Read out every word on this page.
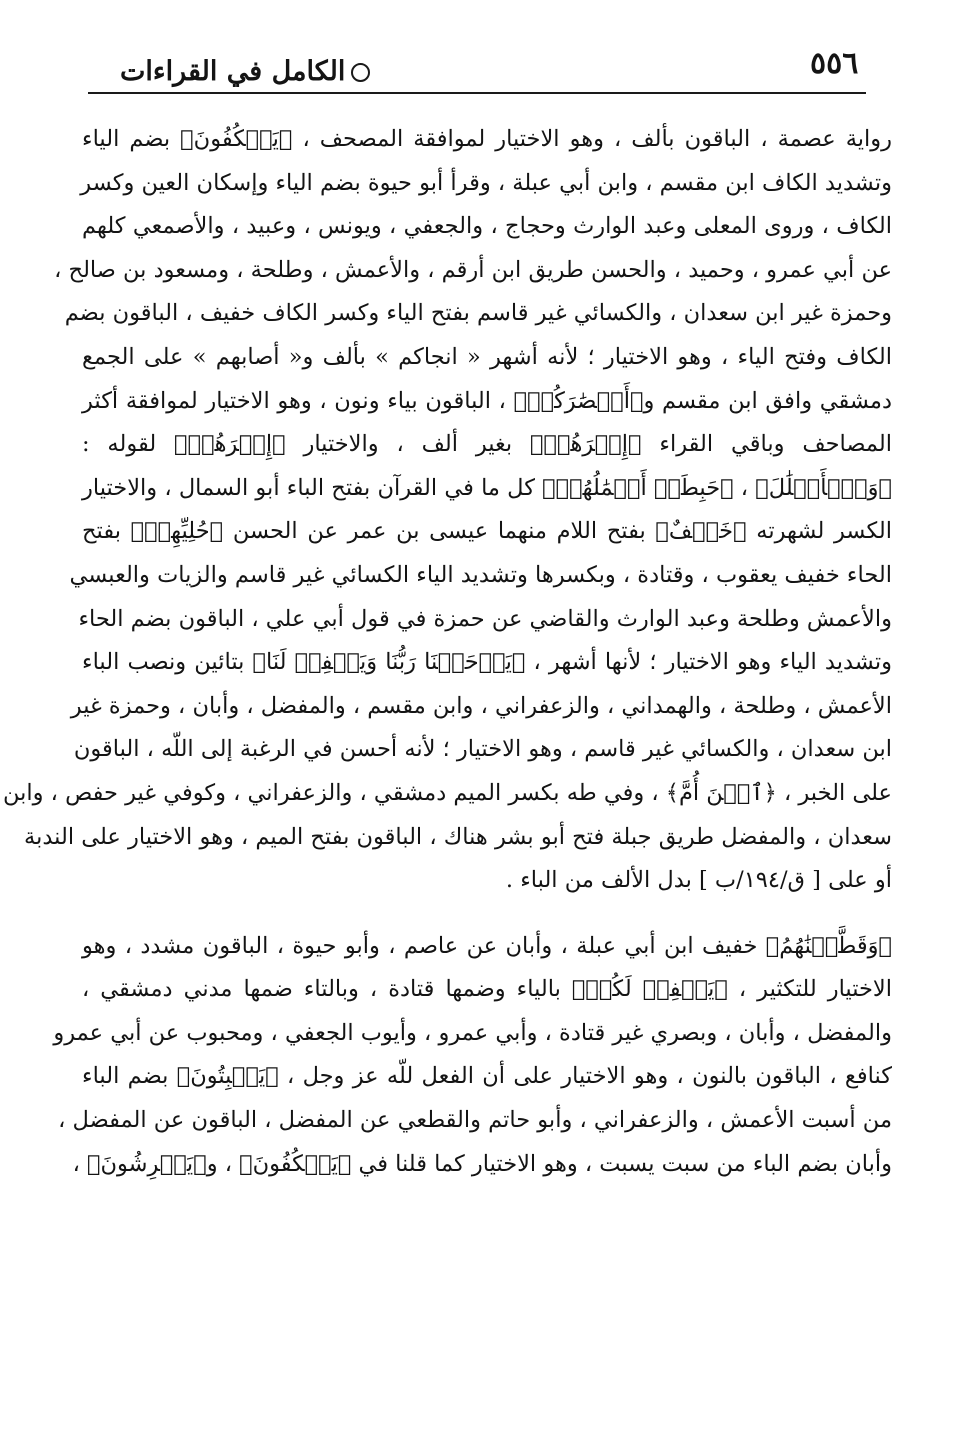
٥٥٦
الكامل في القراءات
رواية عصمة ، الباقون بألف ، وهو الاختيار لموافقة المصحف ، ﴿يَعۡكُفُونَ﴾ بضم الياء
وتشديد الكاف ابن مقسم ، وابن أبي عبلة ، وقرأ أبو حيوة بضم الياء وإسكان العين وكسر
الكاف ، وروى المعلى وعبد الوارث وحجاج ، والجعفي ، ويونس ، وعبيد ، والأصمعي كلهم
عن أبي عمرو ، وحميد ، والحسن طريق ابن أرقم ، والأعمش ، وطلحة ، ومسعود بن صالح ،
وحمزة غير ابن سعدان ، والكسائي غير قاسم بفتح الياء وكسر الكاف خفيف ، الباقون بضم
الكاف وفتح الياء ، وهو الاختيار ؛ لأنه أشهر « انجاكم » بألف و« أصابهم » على الجمع
دمشقي وافق ابن مقسم و﴿أَبۡصَٰرَكُمۡ﴾ ، الباقون بياء ونون ، وهو الاختيار لموافقة أكثر
المصاحف وباقي القراء ﴿إِصۡرَهُمۡ﴾ بغير ألف ، والاختيار ﴿إِصۡرَهُمۡ﴾ لقوله :
﴿وَٱلۡأَغۡلَٰلَ﴾ ، ﴿حَبِطَتۡ أَعۡمَٰلُهُمۡ﴾ كل ما في القرآن بفتح الباء أبو السمال ، والاختيار
الكسر لشهرته ﴿خَلۡفٌ﴾ بفتح اللام منهما عيسى بن عمر عن الحسن ﴿حُلِيِّهِمۡ﴾ بفتح
الحاء خفيف يعقوب ، وقتادة ، وبكسرها وتشديد الياء الكسائي غير قاسم والزيات والعبسي
والأعمش وطلحة وعبد الوارث والقاضي عن حمزة في قول أبي علي ، الباقون بضم الحاء
وتشديد الياء وهو الاختيار ؛ لأنها أشهر ، ﴿يَرۡحَمۡنَا رَبُّنَا وَيَغۡفِرۡ لَنَا﴾ بتائين ونصب الباء
الأعمش ، وطلحة ، والهمداني ، والزعفراني ، وابن مقسم ، والمفضل ، وأبان ، وحمزة غير
ابن سعدان ، والكسائي غير قاسم ، وهو الاختيار ؛ لأنه أحسن في الرغبة إلى اللّه ، الباقون
على الخبر ، ﴿ٱبۡنَ أُمَّ﴾ ، وفي طه بكسر الميم دمشقي ، والزعفراني ، وكوفي غير حفص ، وابن
سعدان ، والمفضل طريق جبلة فتح أبو بشر هناك ، الباقون بفتح الميم ، وهو الاختيار على الندبة
أو على [ ق/١٩٤/ب ] بدل الألف من الباء .
﴿وَقَطَّعۡنَٰهُمُ﴾ خفيف ابن أبي عبلة ، وأبان عن عاصم ، وأبو حيوة ، الباقون مشدد ، وهو
الاختيار للتكثير ، ﴿يَغۡفِرۡ لَكُمۡ﴾ بالياء وضمها قتادة ، وبالتاء ضمها مدني دمشقي ،
والمفضل ، وأبان ، وبصري غير قتادة ، وأبي عمرو ، وأيوب الجعفي ، ومحبوب عن أبي عمرو
كنافع ، الباقون بالنون ، وهو الاختيار على أن الفعل للّه عز وجل ، ﴿يَسۡبِتُونَ﴾ بضم الباء
من أسبت الأعمش ، والزعفراني ، وأبو حاتم والقطعي عن المفضل ، الباقون عن المفضل ،
وأبان بضم الباء من سبت يسبت ، وهو الاختيار كما قلنا في ﴿يَعۡكُفُونَ﴾ ، و﴿يَعۡرِشُونَ﴾ ،
